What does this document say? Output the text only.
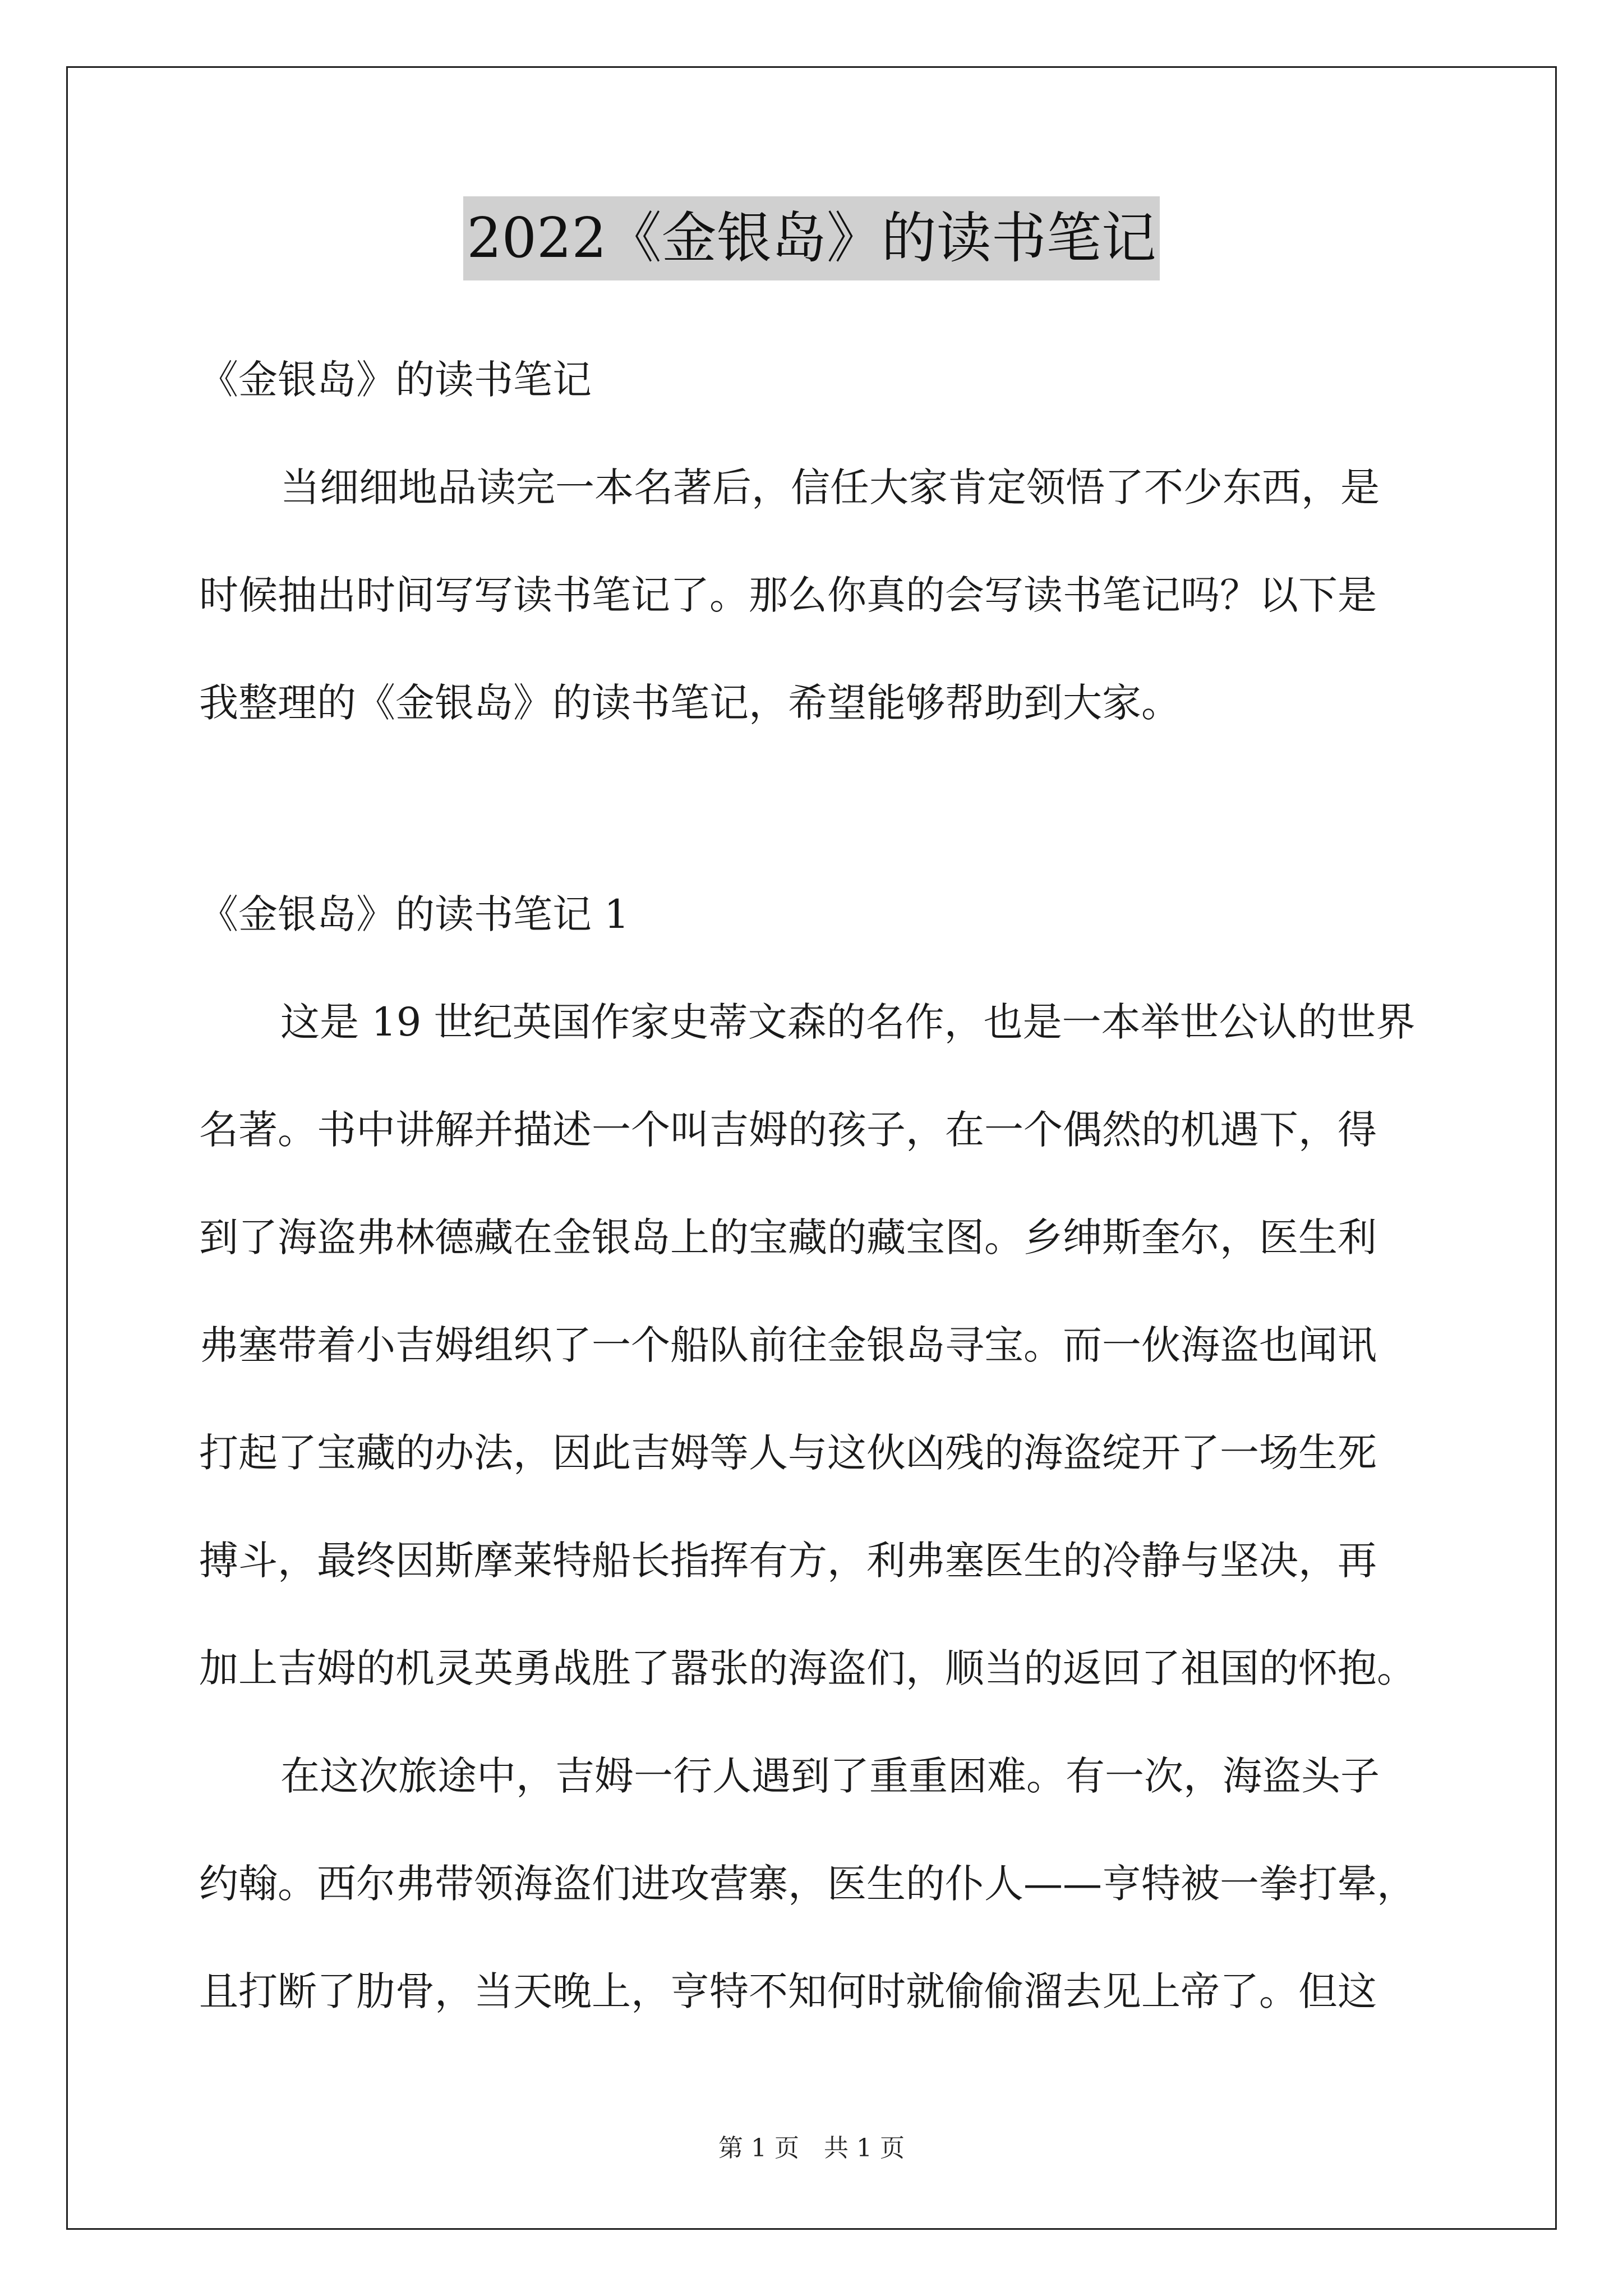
2022《金银岛》的读书笔记
《金银岛》的读书笔记
当细细地品读完一本名著后，信任大家肯定领悟了不少东西，是
时候抽出时间写写读书笔记了。那么你真的会写读书笔记吗？以下是
我整理的《金银岛》的读书笔记，希望能够帮助到大家。
《金银岛》的读书笔记 1
这是 19 世纪英国作家史蒂文森的名作，也是一本举世公认的世界
名著。书中讲解并描述一个叫吉姆的孩子，在一个偶然的机遇下，得
到了海盗弗林德藏在金银岛上的宝藏的藏宝图。乡绅斯奎尔，医生利
弗塞带着小吉姆组织了一个船队前往金银岛寻宝。而一伙海盗也闻讯
打起了宝藏的办法，因此吉姆等人与这伙凶残的海盗绽开了一场生死
搏斗，最终因斯摩莱特船长指挥有方，利弗塞医生的冷静与坚决，再
加上吉姆的机灵英勇战胜了嚣张的海盗们，顺当的返回了祖国的怀抱。
在这次旅途中，吉姆一行人遇到了重重困难。有一次，海盗头子
约翰。西尔弗带领海盗们进攻营寨，医生的仆人——亨特被一拳打晕，
且打断了肋骨，当天晚上，亨特不知何时就偷偷溜去见上帝了。但这
第 1 页　共 1 页
